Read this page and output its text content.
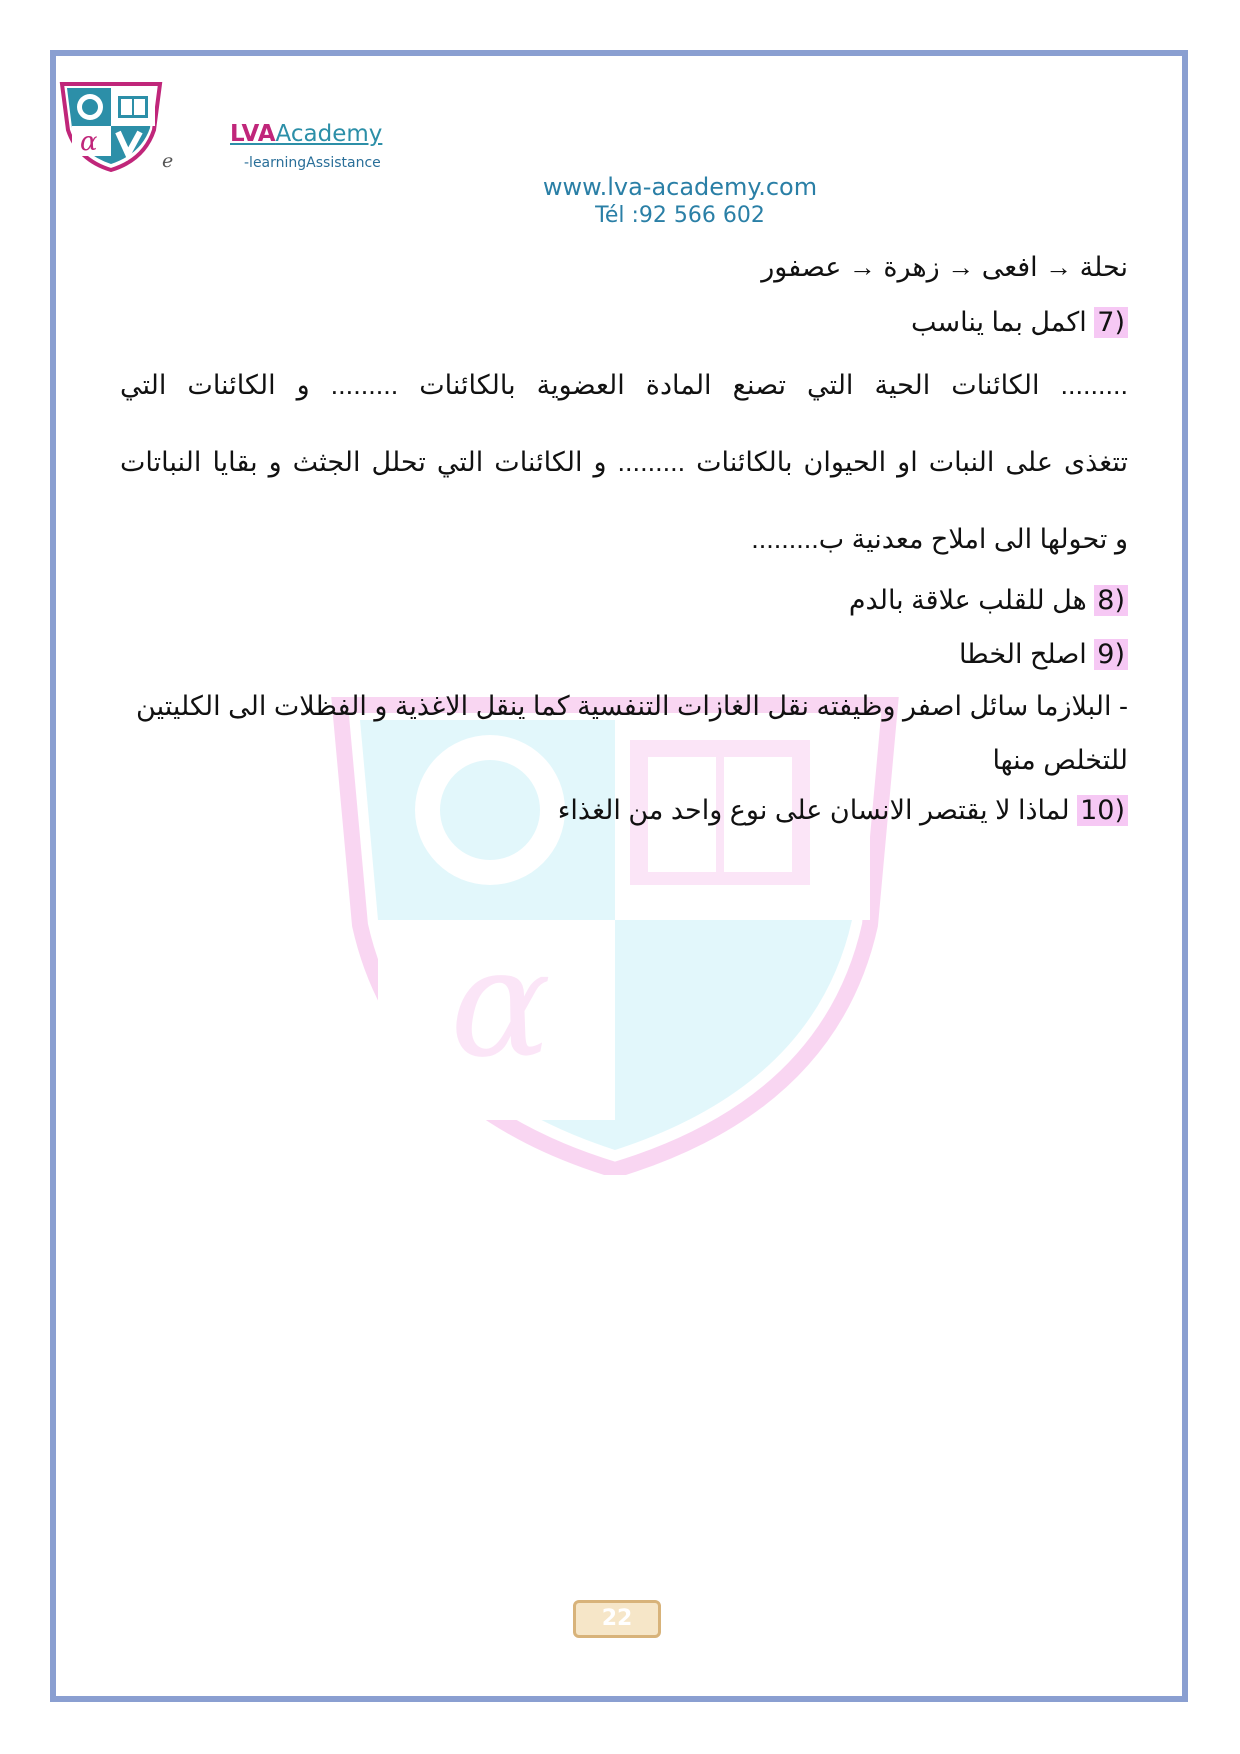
α
e
LVAAcademy
-learningAssistance
www.lva-academy.com
Tél :92 566 602
α
نحلة → افعى → زهرة → عصفور
7) اكمل بما يناسب
......... الكائنات الحية التي تصنع المادة العضوية بالكائنات ......... و الكائنات التي
تتغذى على النبات او الحيوان بالكائنات ......... و الكائنات التي تحلل الجثث و بقايا النباتات
و تحولها الى املاح معدنية ب.........
8) هل للقلب علاقة بالدم
9) اصلح الخطا
- البلازما سائل اصفر وظيفته نقل الغازات التنفسية كما ينقل الاغذية و الفظلات الى الكليتين
للتخلص منها
10) لماذا لا يقتصر الانسان على نوع واحد من الغذاء
22
